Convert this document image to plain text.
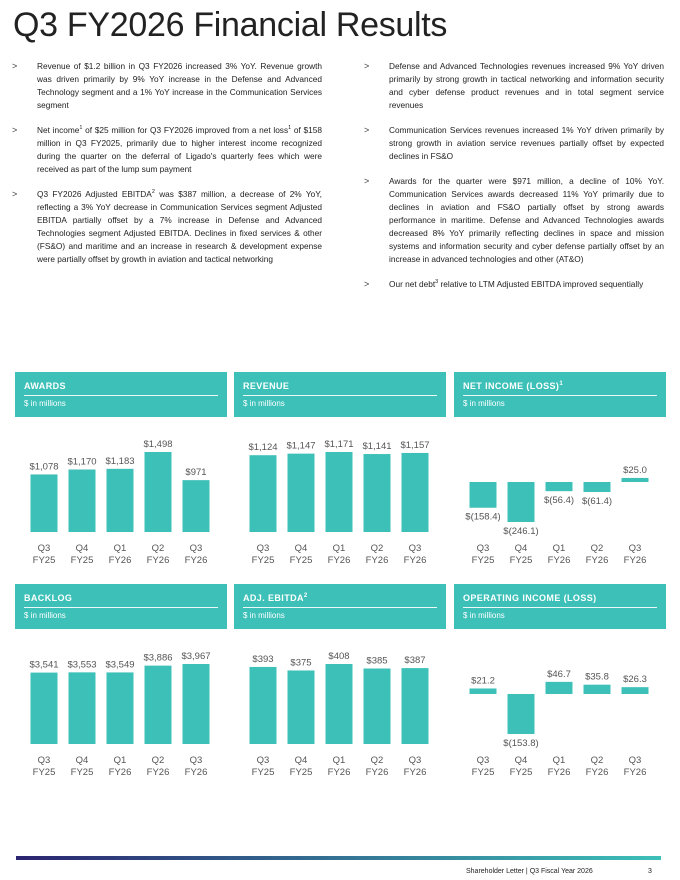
Q3 FY2026 Financial Results
> Revenue of $1.2 billion in Q3 FY2026 increased 3% YoY. Revenue growth was driven primarily by 9% YoY increase in the Defense and Advanced Technology segment and a 1% YoY increase in the Communication Services segment
> Net income$^1$ of $25 million for Q3 FY2026 improved from a net loss$^1$ of $158 million in Q3 FY2025, primarily due to higher interest income recognized during the quarter on the deferral of Ligado's quarterly fees which were received as part of the lump sum payment
> Q3 FY2026 Adjusted EBITDA$^2$ was $387 million, a decrease of 2% YoY, reflecting a 3% YoY decrease in Communication Services segment Adjusted EBITDA partially offset by a 7% increase in Defense and Advanced Technologies segment Adjusted EBITDA. Declines in fixed services & other (FS&O) and maritime and an increase in research & development expense were partially offset by growth in aviation and tactical networking
> Defense and Advanced Technologies revenues increased 9% YoY driven primarily by strong growth in tactical networking and information security and cyber defense product revenues and in total segment service revenues
> Communication Services revenues increased 1% YoY driven primarily by strong growth in aviation service revenues partially offset by expected declines in FS&O
> Awards for the quarter were $971 million, a decline of 10% YoY. Communication Services awards decreased 11% YoY primarily due to declines in aviation and FS&O partially offset by strong awards performance in maritime. Defense and Advanced Technologies awards decreased 8% YoY primarily reflecting declines in space and mission systems and information security and cyber defense partially offset by an increase in advanced technologies and other (AT&O)
> Our net debt$^3$ relative to LTM Adjusted EBITDA improved sequentially
AWARDS
$ in millions
$1,078
Q3
FY25
$1,170
Q4
FY25
$1,183
Q1
FY26
$1,498
Q2
FY26
$971
Q3
FY26
REVENUE
$ in millions
$1,124
Q3
FY25
$1,147
Q4
FY25
$1,171
Q1
FY26
$1,141
Q2
FY26
$1,157
Q3
FY26
NET INCOME (LOSS)$^1$
$ in millions
$(158.4)
Q3
FY25
$(246.1)
Q4
FY25
$(56.4)
Q1
FY26
$(61.4)
Q2
FY26
$25.0
Q3
FY26
BACKLOG
$ in millions
$3,541
Q3
FY25
$3,553
Q4
FY25
$3,549
Q1
FY26
$3,886
Q2
FY26
$3,967
Q3
FY26
ADJ. EBITDA$^2$
$ in millions
$393
Q3
FY25
$375
Q4
FY25
$408
Q1
FY26
$385
Q2
FY26
$387
Q3
FY26
OPERATING INCOME (LOSS)
$ in millions
$21.2
Q3
FY25
$(153.8)
Q4
FY25
$46.7
Q1
FY26
$35.8
Q2
FY26
$26.3
Q3
FY26
Shareholder Letter | Q3 Fiscal Year 2026	3
